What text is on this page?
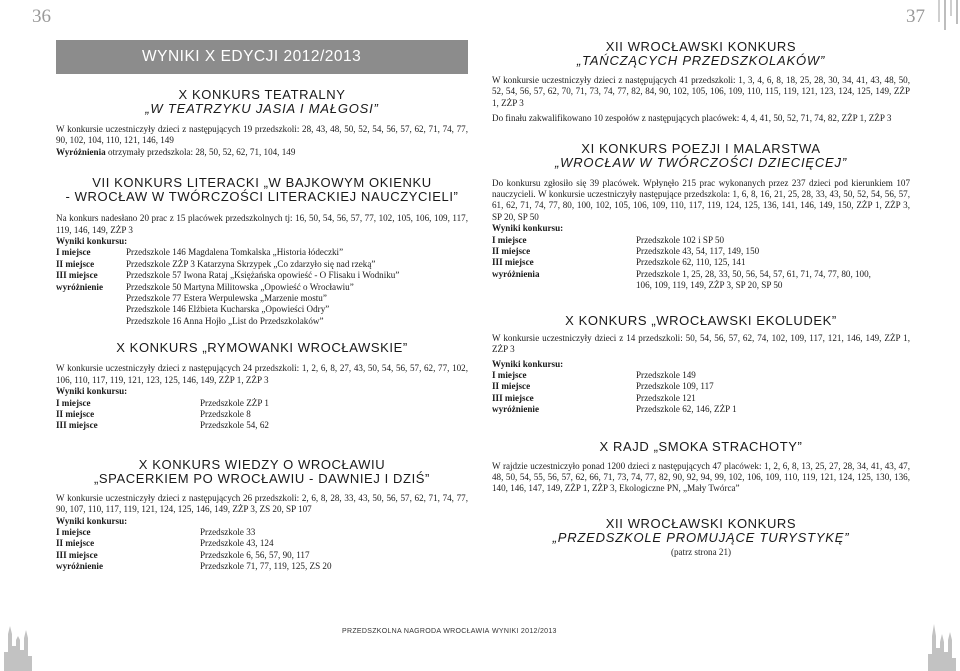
36	37
WYNIKI X EDYCJI 2012/2013
X KONKURS TEATRALNY
„W TEATRZYKU JASIA I MAŁGOSI”

W konkursie uczestniczyły dzieci z następujących 19 przedszkoli: 28, 43, 48, 50, 52, 54, 56, 57, 62, 71, 74, 77, 90, 102, 104, 110, 121, 146, 149

Wyróżnienia otrzymały przedszkola: 28, 50, 52, 62, 71, 104, 149

VII KONKURS LITERACKI „W BAJKOWYM OKIENKU
- WROCŁAW W TWÓRCZOŚCI LITERACKIEJ NAUCZYCIELI”

Na konkurs nadesłano 20 prac z 15 placówek przedszkolnych tj: 16, 50, 54, 56, 57, 77, 102, 105, 106, 109, 117, 119, 146, 149, ZŻP 3

Wyniki konkursu:
I miejsce	Przedszkole 146 Magdalena Tomkalska „Historia łódeczki”
II miejsce	Przedszkole ZŻP 3 Katarzyna Skrzypek „Co zdarzyło się nad rzeką”
III miejsce	Przedszkole 57 Iwona Rataj „Księżańska opowieść - O Flisaku i Wodniku”
wyróżnienie	Przedszkole 50 Martyna Militowska „Opowieść o Wrocławiu”
Przedszkole 77 Estera Werpulewska „Marzenie mostu”
Przedszkole 146 Elżbieta Kucharska „Opowieści Odry”
Przedszkole 16 Anna Hojło „List do Przedszkolaków”
X KONKURS „RYMOWANKI WROCŁAWSKIE”

W konkursie uczestniczyły dzieci z następujących 24 przedszkoli: 1, 2, 6, 8, 27, 43, 50, 54, 56, 57, 62, 77, 102, 106, 110, 117, 119, 121, 123, 125, 146, 149, ZŻP 1, ZŻP 3

Wyniki konkursu:
I miejsce	Przedszkole ZŻP 1
II miejsce	Przedszkole 8
III miejsce	Przedszkole 54, 62
X KONKURS WIEDZY O WROCŁAWIU
„SPACERKIEM PO WROCŁAWIU - DAWNIEJ I DZIŚ”

W konkursie uczestniczyły dzieci z następujących 26 przedszkoli: 2, 6, 8, 28, 33, 43, 50, 56, 57, 62, 71, 74, 77, 90, 107, 110, 117, 119, 121, 124, 125, 146, 149, ZŻP 3, ZS 20, SP 107

Wyniki konkursu:
I miejsce	Przedszkole 33
II miejsce	Przedszkole 43, 124
III miejsce	Przedszkole 6, 56, 57, 90, 117
wyróżnienie	Przedszkole 71, 77, 119, 125, ZS 20
XII WROCŁAWSKI KONKURS
„TAŃCZĄCYCH PRZEDSZKOLAKÓW”

W konkursie uczestniczyły dzieci z następujących 41 przedszkoli: 1, 3, 4, 6, 8, 18, 25, 28, 30, 34, 41, 43, 48, 50, 52, 54, 56, 57, 62, 70, 71, 73, 74, 77, 82, 84, 90, 102, 105, 106, 109, 110, 115, 119, 121, 123, 124, 125, 149, ZŻP 1, ZŻP 3

Do finału zakwalifikowano 10 zespołów z następujących placówek: 4, 4, 41, 50, 52, 71, 74, 82, ZŻP 1, ZŻP 3

XI KONKURS POEZJI I MALARSTWA
„WROCŁAW W TWÓRCZOŚCI DZIECIĘCEJ”

Do konkursu zgłosiło się 39 placówek. Wpłynęło 215 prac wykonanych przez 237 dzieci pod kierunkiem 107 nauczycieli. W konkursie uczestniczyły następujące przedszkola: 1, 6, 8, 16, 21, 25, 28, 33, 43, 50, 52, 54, 56, 57, 61, 62, 71, 74, 77, 80, 100, 102, 105, 106, 109, 110, 117, 119, 124, 125, 136, 141, 146, 149, 150, ZŻP 1, ZŻP 3, SP 20, SP 50

Wyniki konkursu:
I miejsce	Przedszkole 102 i SP 50
II miejsce	Przedszkole 43, 54, 117, 149, 150
III miejsce	Przedszkole 62, 110, 125, 141
wyróżnienia	Przedszkole 1, 25, 28, 33, 50, 56, 54, 57, 61, 71, 74, 77, 80, 100,
106, 109, 119, 149, ZŻP 3, SP 20, SP 50
X KONKURS „WROCŁAWSKI EKOLUDEK”

W konkursie uczestniczyły dzieci z 14 przedszkoli: 50, 54, 56, 57, 62, 74, 102, 109, 117, 121, 146, 149, ZŻP 1, ZŻP 3

Wyniki konkursu:
I miejsce	Przedszkole 149
II miejsce	Przedszkole 109, 117
III miejsce	Przedszkole 121
wyróżnienie	Przedszkole 62, 146, ZŻP 1
X RAJD „SMOKA STRACHOTY”

W rajdzie uczestniczyło ponad 1200 dzieci z następujących 47 placówek: 1, 2, 6, 8, 13, 25, 27, 28, 34, 41, 43, 47, 48, 50, 54, 55, 56, 57, 62, 66, 71, 73, 74, 77, 82, 90, 92, 94, 99, 102, 106, 109, 110, 119, 121, 124, 125, 130, 136, 140, 146, 147, 149, ZŻP 1, ZŻP 3, Ekologiczne PN, „Mały Twórca”

XII WROCŁAWSKI KONKURS
„PRZEDSZKOLE PROMUJĄCE TURYSTYKĘ”

(patrz strona 21)

PRZEDSZKOLNA NAGRODA WROCŁAWIA WYNIKI 2012/2013
